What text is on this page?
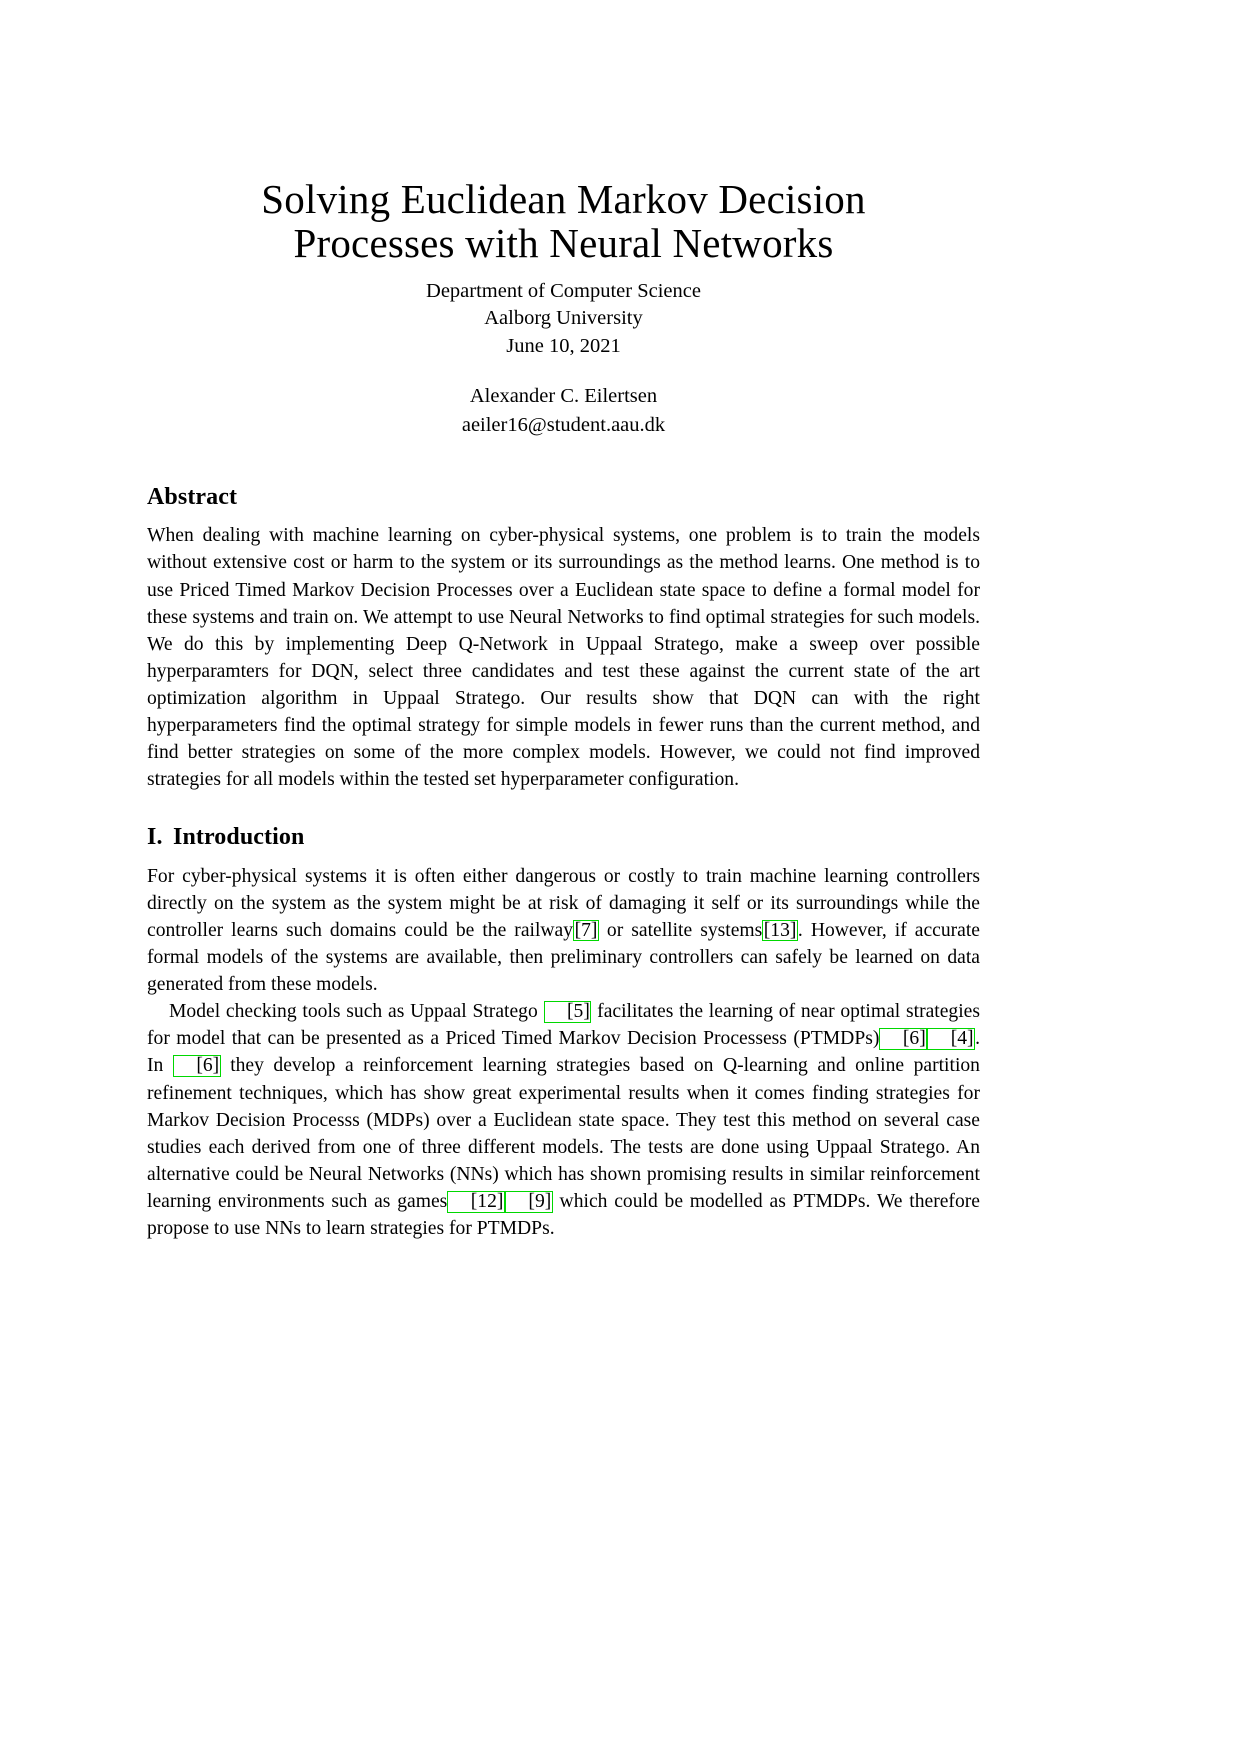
Solving Euclidean Markov Decision
Processes with Neural Networks
Department of Computer Science
Aalborg University
June 10, 2021
Alexander C. Eilertsen
aeiler16@student.aau.dk
Abstract

When dealing with machine learning on cyber-physical systems, one problem is to train the models without extensive cost or harm to the system or its surroundings as the method learns. One method is to use Priced Timed Markov Decision Processes over a Euclidean state space to define a formal model for these systems and train on. We attempt to use Neural Networks to find optimal strategies for such models. We do this by implementing Deep Q-Network in Uppaal Stratego, make a sweep over possible hyperparamters for DQN, select three candidates and test these against the current state of the art optimization algorithm in Uppaal Stratego. Our results show that DQN can with the right hyperparameters find the optimal strategy for simple models in fewer runs than the current method, and find better strategies on some of the more complex models. However, we could not find improved strategies for all models within the tested set hyperparameter configuration.

I. Introduction

For cyber-physical systems it is often either dangerous or costly to train machine learning controllers directly on the system as the system might be at risk of damaging it self or its surroundings while the controller learns such domains could be the railway[7] or satellite systems[13]. However, if accurate formal models of the systems are available, then preliminary controllers can safely be learned on data generated from these models.

Model checking tools such as Uppaal Stratego [5] facilitates the learning of near optimal strategies for model that can be presented as a Priced Timed Markov Decision Processess (PTMDPs) [6] [4]. In [6] they develop a reinforcement learning strategies based on Q-learning and online partition refinement techniques, which has show great experimental results when it comes finding strategies for Markov Decision Processs (MDPs) over a Euclidean state space. They test this method on several case studies each derived from one of three different models. The tests are done using Uppaal Stratego. An alternative could be Neural Networks (NNs) which has shown promising results in similar reinforcement learning environments such as games [12] [9] which could be modelled as PTMDPs. We therefore propose to use NNs to learn strategies for PTMDPs.
